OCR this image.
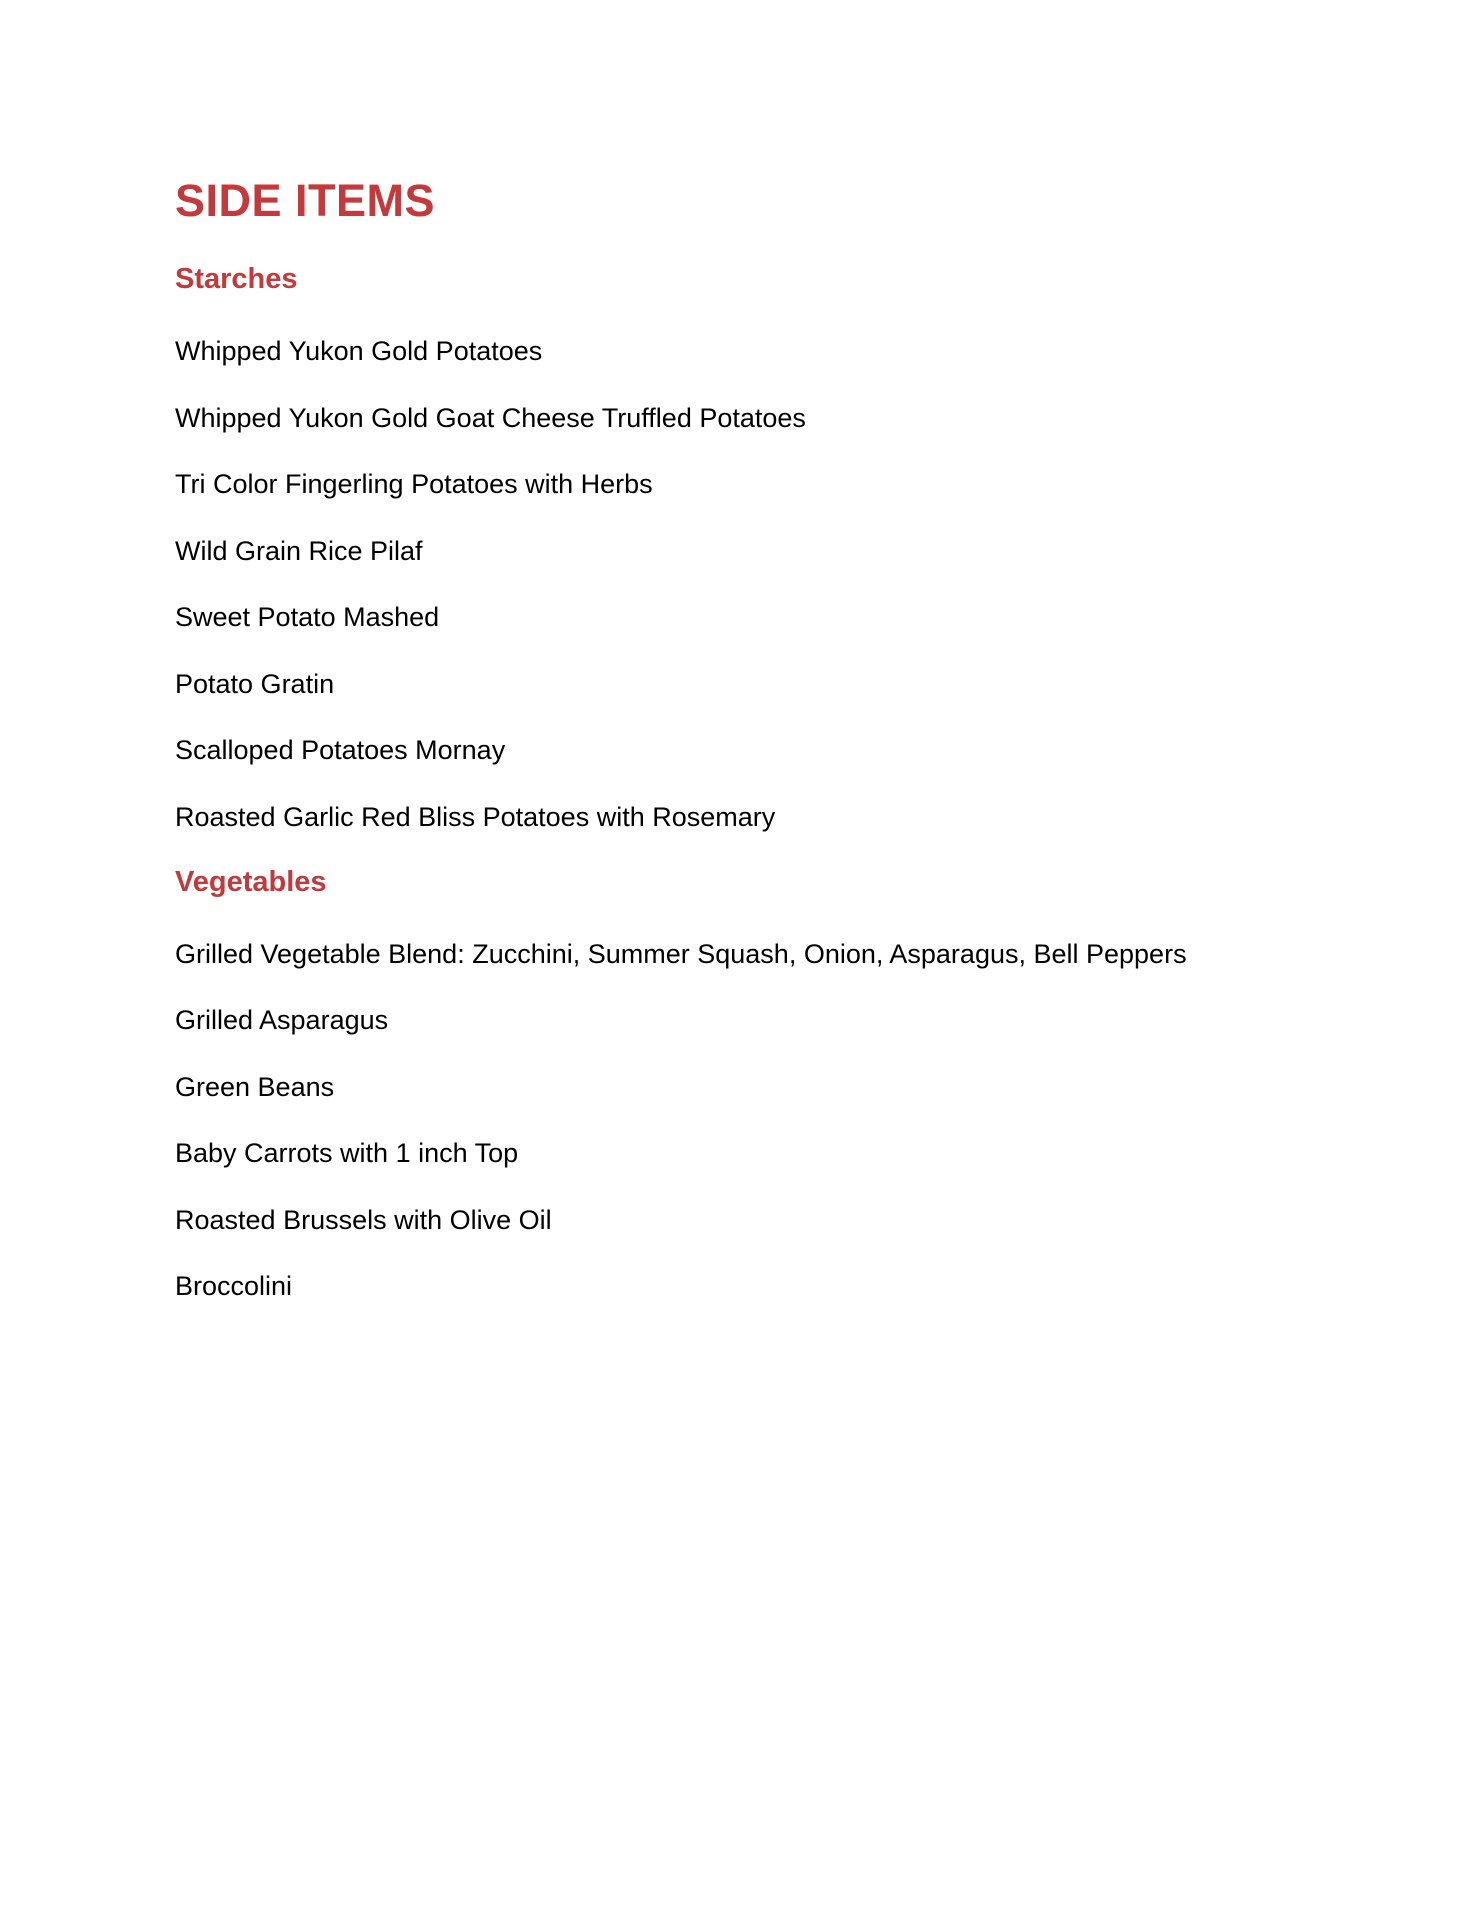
SIDE ITEMS
Starches

Whipped Yukon Gold Potatoes

Whipped Yukon Gold Goat Cheese Truffled Potatoes

Tri Color Fingerling Potatoes with Herbs

Wild Grain Rice Pilaf

Sweet Potato Mashed

Potato Gratin

Scalloped Potatoes Mornay

Roasted Garlic Red Bliss Potatoes with Rosemary

Vegetables

Grilled Vegetable Blend: Zucchini, Summer Squash, Onion, Asparagus, Bell Peppers

Grilled Asparagus

Green Beans

Baby Carrots with 1 inch Top

Roasted Brussels with Olive Oil

Broccolini
